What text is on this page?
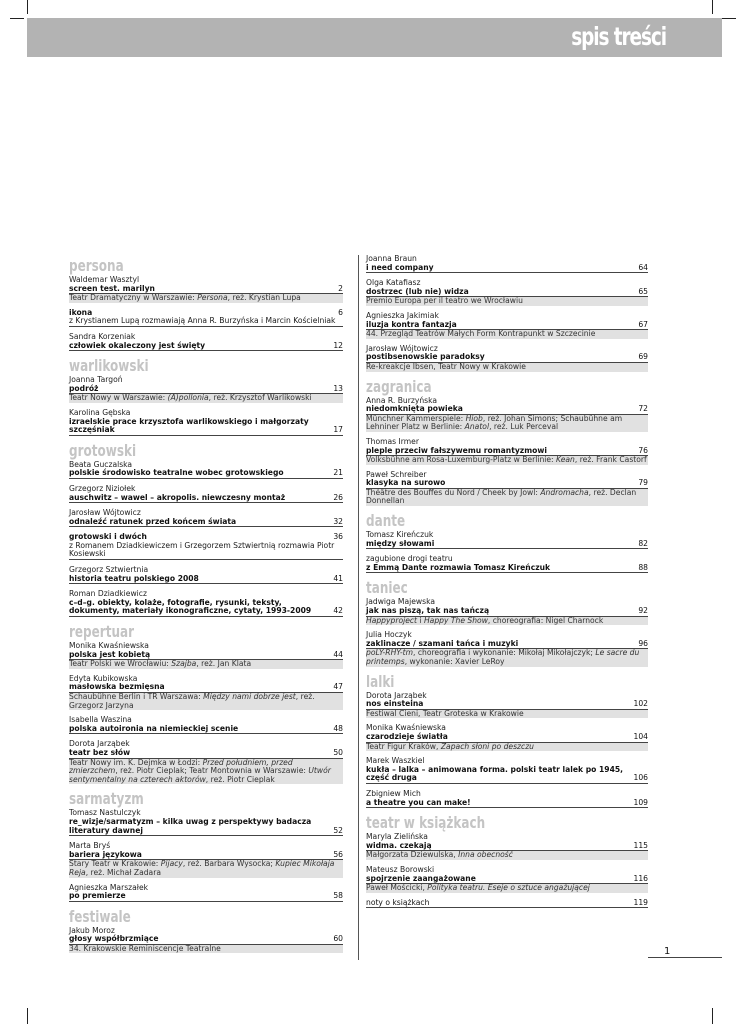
spis treści
persona
Waldemar Wasztyl
screen test. marilyn	2
Teatr Dramatyczny w Warszawie: Persona, reż. Krystian Lupa
ikona	6
z Krystianem Lupą rozmawiają Anna R. Burzyńska i Marcin Kościelniak
Sandra Korzeniak
człowiek okaleczony jest święty	12
warlikowski
Joanna Targoń
podróż	13
Teatr Nowy w Warszawie: (A)pollonia, reż. Krzysztof Warlikowski
Karolina Gębska
izraelskie prace krzysztofa warlikowskiego i małgorzaty szczęśniak	17
grotowski
Beata Guczalska
polskie środowisko teatralne wobec grotowskiego	21
Grzegorz Niziołek
auschwitz – wawel – akropolis. niewczesny montaż	26
Jarosław Wójtowicz
odnaleźć ratunek przed końcem świata	32
grotowski i dwóch	36
z Romanem Dziadkiewiczem i Grzegorzem Sztwiertnią rozmawia Piotr Kosiewski
Grzegorz Sztwiertnia
historia teatru polskiego 2008	41
Roman Dziadkiewicz
c–d–g. obiekty, kolaże, fotografie, rysunki, teksty, dokumenty, materiały ikonograficzne, cytaty, 1993-2009	42
repertuar
Monika Kwaśniewska
polska jest kobietą	44
Teatr Polski we Wrocławiu: Szajba, reż. Jan Klata
Edyta Kubikowska
masłowska bezmięsna	47
Schaubühne Berlin i TR Warszawa: Między nami dobrze jest, reż. Grzegorz Jarzyna
Isabella Waszina
polska autoironia na niemieckiej scenie	48
Dorota Jarząbek
teatr bez słów	50
Teatr Nowy im. K. Dejmka w Łodzi: Przed południem, przed zmierzchem, reż. Piotr Cieplak; Teatr Montownia w Warszawie: Utwór sentymentalny na czterech aktorów, reż. Piotr Cieplak
sarmatyzm
Tomasz Nastulczyk
re_wizje/sarmatyzm – kilka uwag z perspektywy badacza literatury dawnej	52
Marta Bryś
bariera językowa	56
Stary Teatr w Krakowie: Pijacy, reż. Barbara Wysocka; Kupiec Mikołaja Reja, reż. Michał Zadara
Agnieszka Marszałek
po premierze	58
festiwale
Jakub Moroz
głosy współbrzmiące	60
34. Krakowskie Reminiscencje Teatralne
Joanna Braun
i need company	64
Olga Katafiasz
dostrzec (lub nie) widza	65
Premio Europa per il teatro we Wrocławiu
Agnieszka Jakimiak
iluzja kontra fantazja	67
44. Przegląd Teatrów Małych Form Kontrapunkt w Szczecinie
Jarosław Wójtowicz
postibsenowskie paradoksy	69
Re-kreakcje Ibsen, Teatr Nowy w Krakowie
zagranica
Anna R. Burzyńska
niedomknięta powieka	72
Münchner Kammerspiele: Hiob, reż. Johan Simons; Schaubühne am Lehniner Platz w Berlinie: Anatol, reż. Luk Perceval
Thomas Irmer
pleple przeciw fałszywemu romantyzmowi	76
Volksbühne am Rosa-Luxemburg-Platz w Berlinie: Kean, reż. Frank Castorf
Paweł Schreiber
klasyka na surowo	79
Théâtre des Bouffes du Nord / Cheek by Jowl: Andromacha, reż. Declan Donnellan
dante
Tomasz Kireńczuk
między słowami	82
zagubione drogi teatru
z Emmą Dante rozmawia Tomasz Kireńczuk	88
taniec
Jadwiga Majewska
jak nas piszą, tak nas tańczą	92
Happyproject i Happy The Show, choreografia: Nigel Charnock
Julia Hoczyk
zaklinacze / szamani tańca i muzyki	96
poLY-RHY-tm, choreografia i wykonanie: Mikołaj Mikołajczyk; Le sacre du printemps, wykonanie: Xavier LeRoy
lalki
Dorota Jarząbek
nos einsteina	102
Festiwal Cieni, Teatr Groteska w Krakowie
Monika Kwaśniewska
czarodzieje światła	104
Teatr Figur Kraków, Zapach słoni po deszczu
Marek Waszkiel
kukła – lalka – animowana forma. polski teatr lalek po 1945, część druga	106
Zbigniew Mich
a theatre you can make!	109
teatr w książkach
Maryla Zielińska
widma. czekają	115
Małgorzata Dziewulska, Inna obecność
Mateusz Borowski
spojrzenie zaangażowane	116
Paweł Mościcki, Polityka teatru. Eseje o sztuce angażującej
noty o książkach	119
1
